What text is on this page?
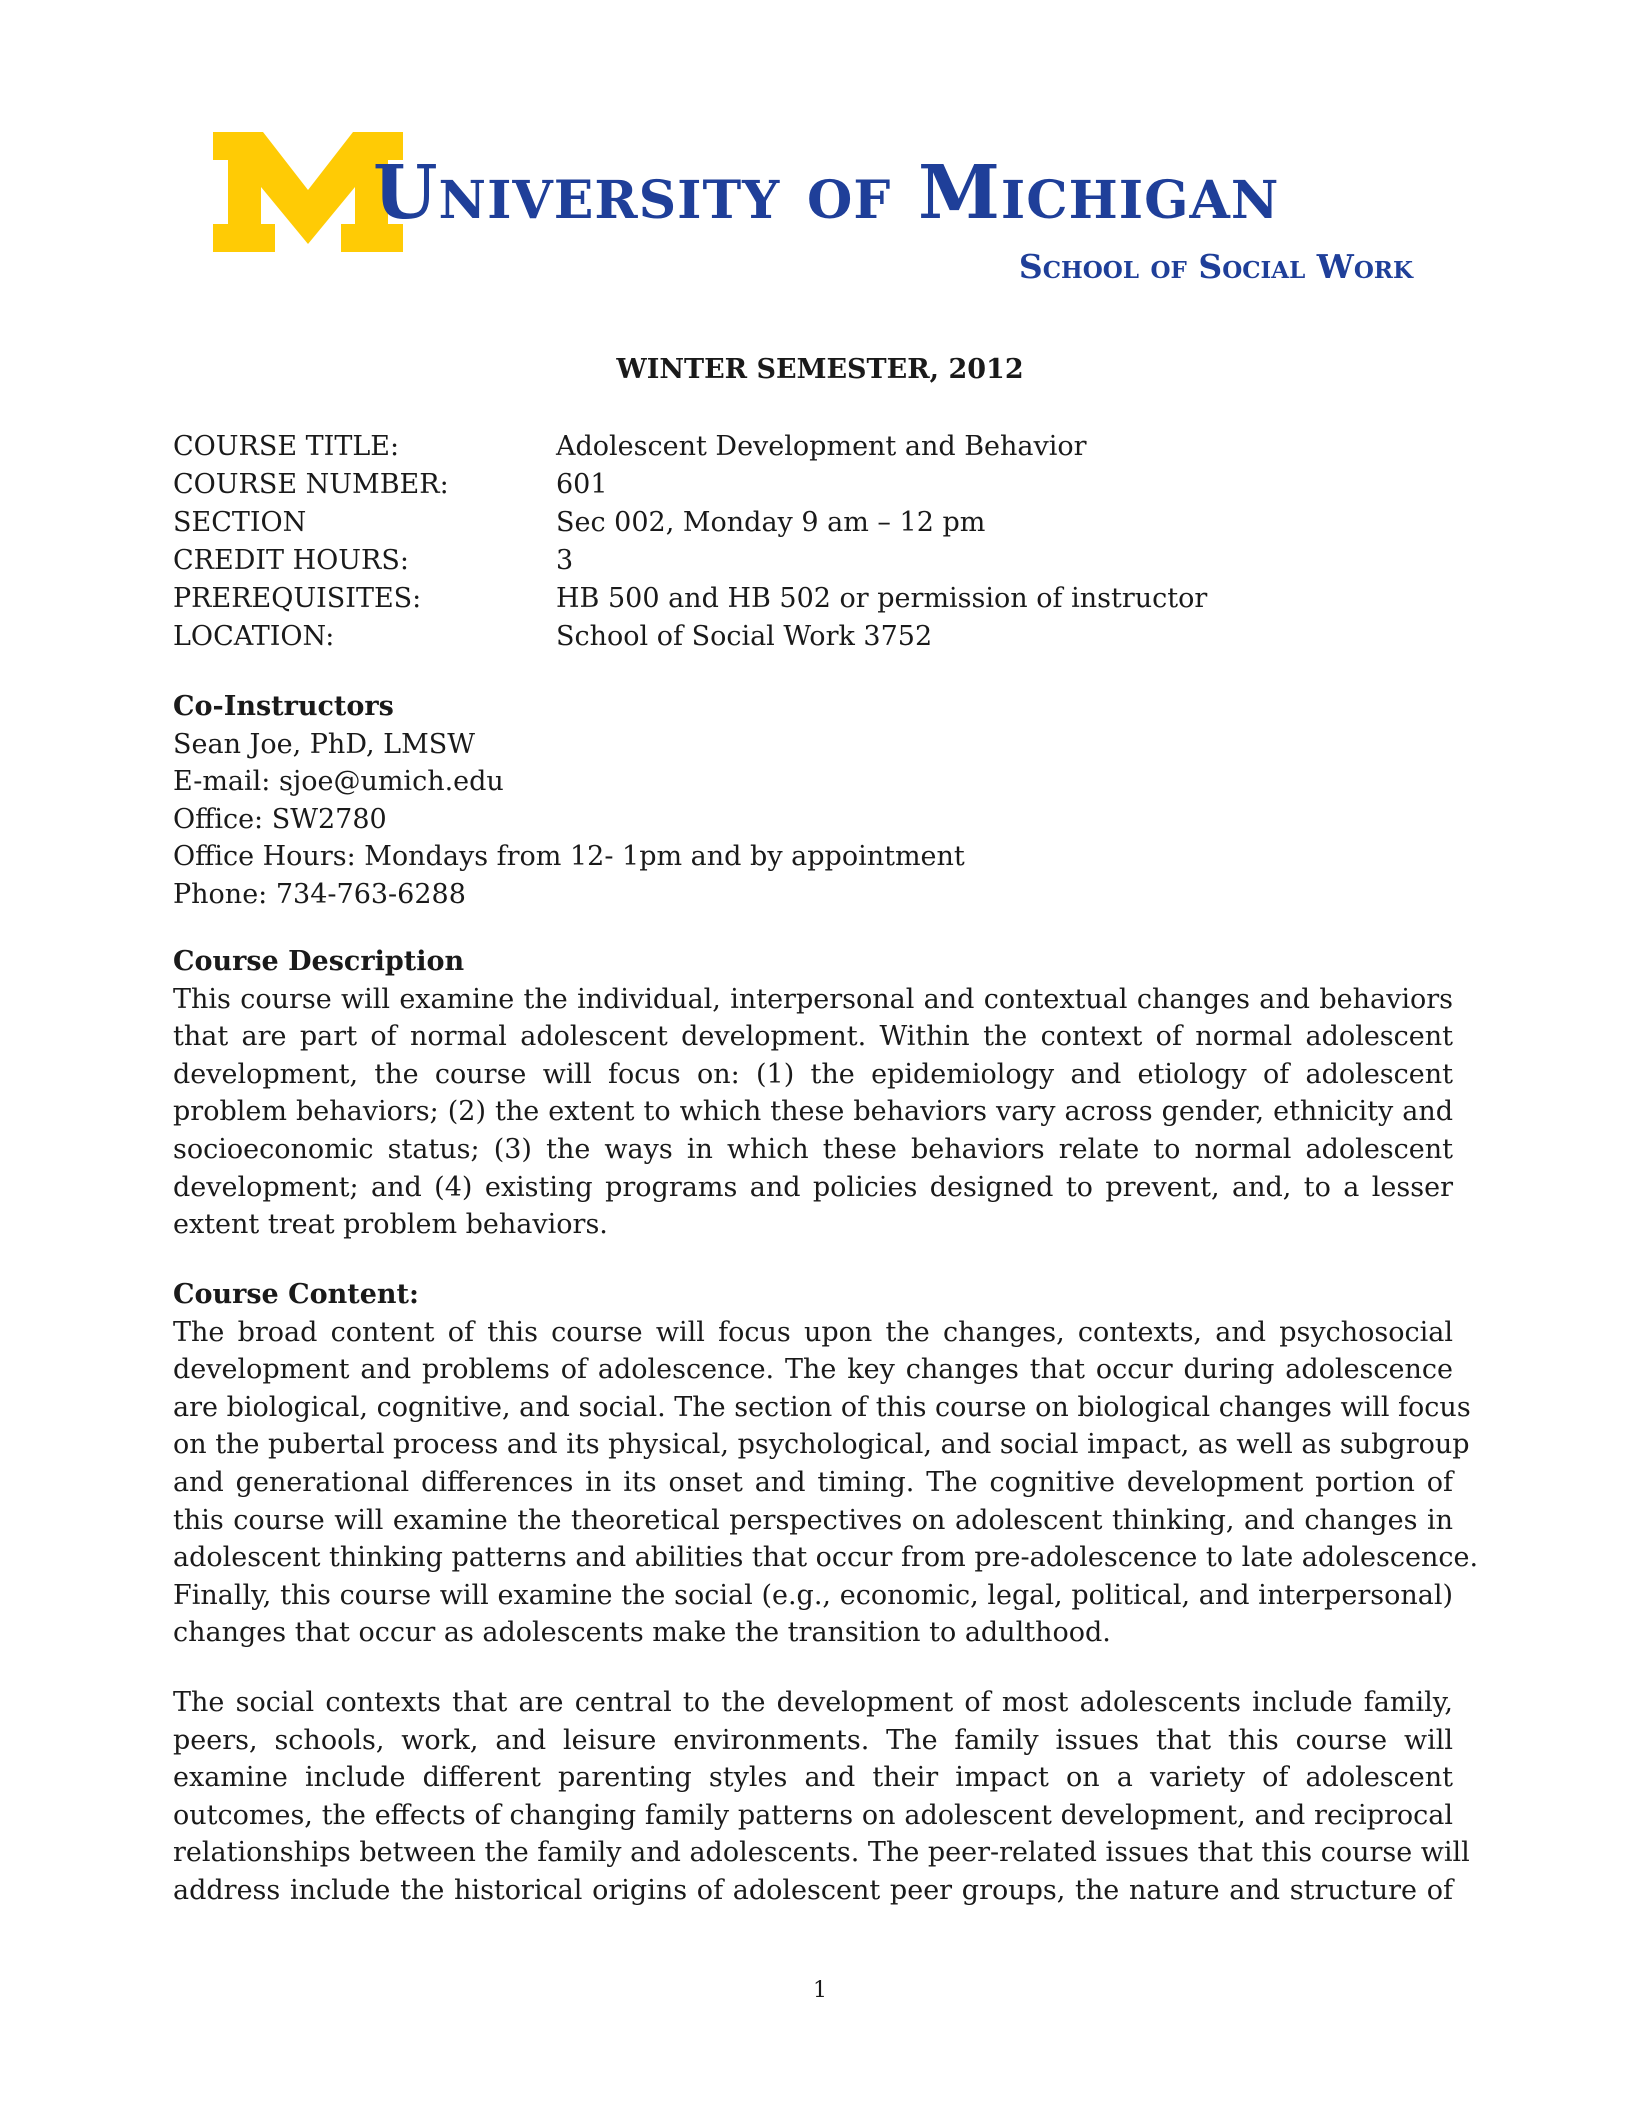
University of Michigan
School of Social Work
WINTER SEMESTER, 2012
COURSE TITLE:	Adolescent Development and Behavior
COURSE NUMBER:	601
SECTION	Sec 002, Monday 9 am – 12 pm
CREDIT HOURS:	3
PREREQUISITES:	HB 500 and HB 502 or permission of instructor
LOCATION:	School of Social Work 3752
Co-Instructors
Sean Joe, PhD, LMSW
E-mail: sjoe@umich.edu
Office: SW2780
Office Hours: Mondays from 12- 1pm and by appointment
Phone: 734-763-6288
Course Description
This course will examine the individual, interpersonal and contextual changes and behaviors
that are part of normal adolescent development. Within the context of normal adolescent
development, the course will focus on: (1) the epidemiology and etiology of adolescent
problem behaviors; (2) the extent to which these behaviors vary across gender, ethnicity and
socioeconomic status; (3) the ways in which these behaviors relate to normal adolescent
development; and (4) existing programs and policies designed to prevent, and, to a lesser
extent treat problem behaviors.
Course Content:
The broad content of this course will focus upon the changes, contexts, and psychosocial
development and problems of adolescence. The key changes that occur during adolescence
are biological, cognitive, and social. The section of this course on biological changes will focus
on the pubertal process and its physical, psychological, and social impact, as well as subgroup
and generational differences in its onset and timing. The cognitive development portion of
this course will examine the theoretical perspectives on adolescent thinking, and changes in
adolescent thinking patterns and abilities that occur from pre-adolescence to late adolescence.
Finally, this course will examine the social (e.g., economic, legal, political, and interpersonal)
changes that occur as adolescents make the transition to adulthood.
The social contexts that are central to the development of most adolescents include family,
peers, schools, work, and leisure environments. The family issues that this course will
examine include different parenting styles and their impact on a variety of adolescent
outcomes, the effects of changing family patterns on adolescent development, and reciprocal
relationships between the family and adolescents. The peer-related issues that this course will
address include the historical origins of adolescent peer groups, the nature and structure of
1
